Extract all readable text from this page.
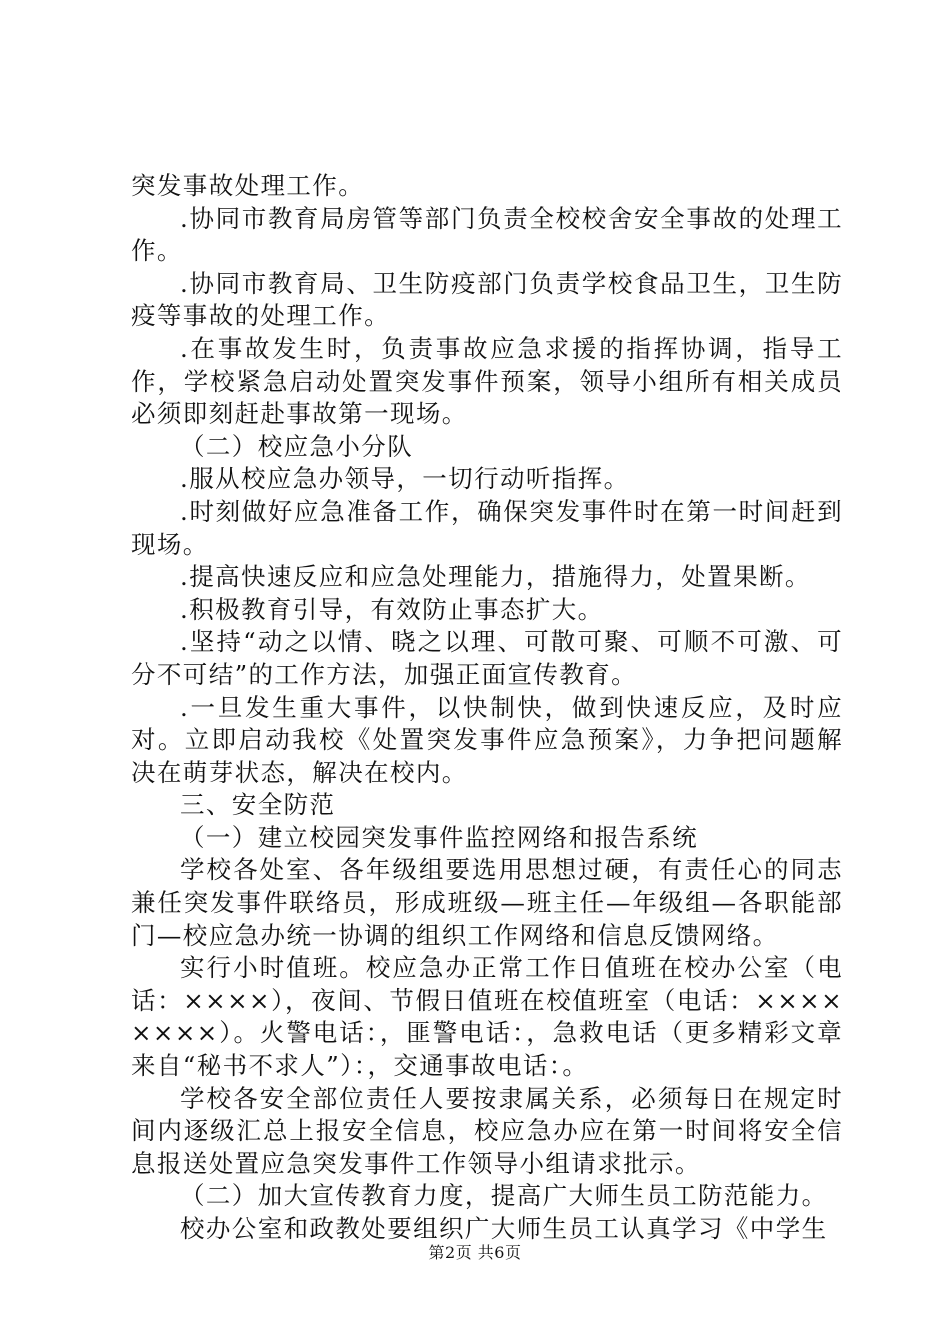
突发事故处理工作。

.协同市教育局房管等部门负责全校校舍安全事故的处理工作。

.协同市教育局、卫生防疫部门负责学校食品卫生，卫生防疫等事故的处理工作。

.在事故发生时，负责事故应急求援的指挥协调，指导工作，学校紧急启动处置突发事件预案，领导小组所有相关成员必须即刻赶赴事故第一现场。

（二）校应急小分队

.服从校应急办领导，一切行动听指挥。

.时刻做好应急准备工作，确保突发事件时在第一时间赶到现场。

.提高快速反应和应急处理能力，措施得力，处置果断。

.积极教育引导，有效防止事态扩大。

.坚持“动之以情、晓之以理、可散可聚、可顺不可激、可分不可结”的工作方法，加强正面宣传教育。

.一旦发生重大事件，以快制快，做到快速反应，及时应对。立即启动我校《处置突发事件应急预案》，力争把问题解决在萌芽状态，解决在校内。

三、安全防范

（一）建立校园突发事件监控网络和报告系统

学校各处室、各年级组要选用思想过硬，有责任心的同志兼任突发事件联络员，形成班级—班主任—年级组—各职能部门—校应急办统一协调的组织工作网络和信息反馈网络。

实行小时值班。校应急办正常工作日值班在校办公室（电话：××××），夜间、节假日值班在校值班室（电话：××××××××）。火警电话：，匪警电话：，急救电话（更多精彩文章来自“秘书不求人”）：，交通事故电话：。

学校各安全部位责任人要按隶属关系，必须每日在规定时间内逐级汇总上报安全信息，校应急办应在第一时间将安全信息报送处置应急突发事件工作领导小组请求批示。

（二）加大宣传教育力度，提高广大师生员工防范能力。

校办公室和政教处要组织广大师生员工认真学习《中学生

第2页 共6页
